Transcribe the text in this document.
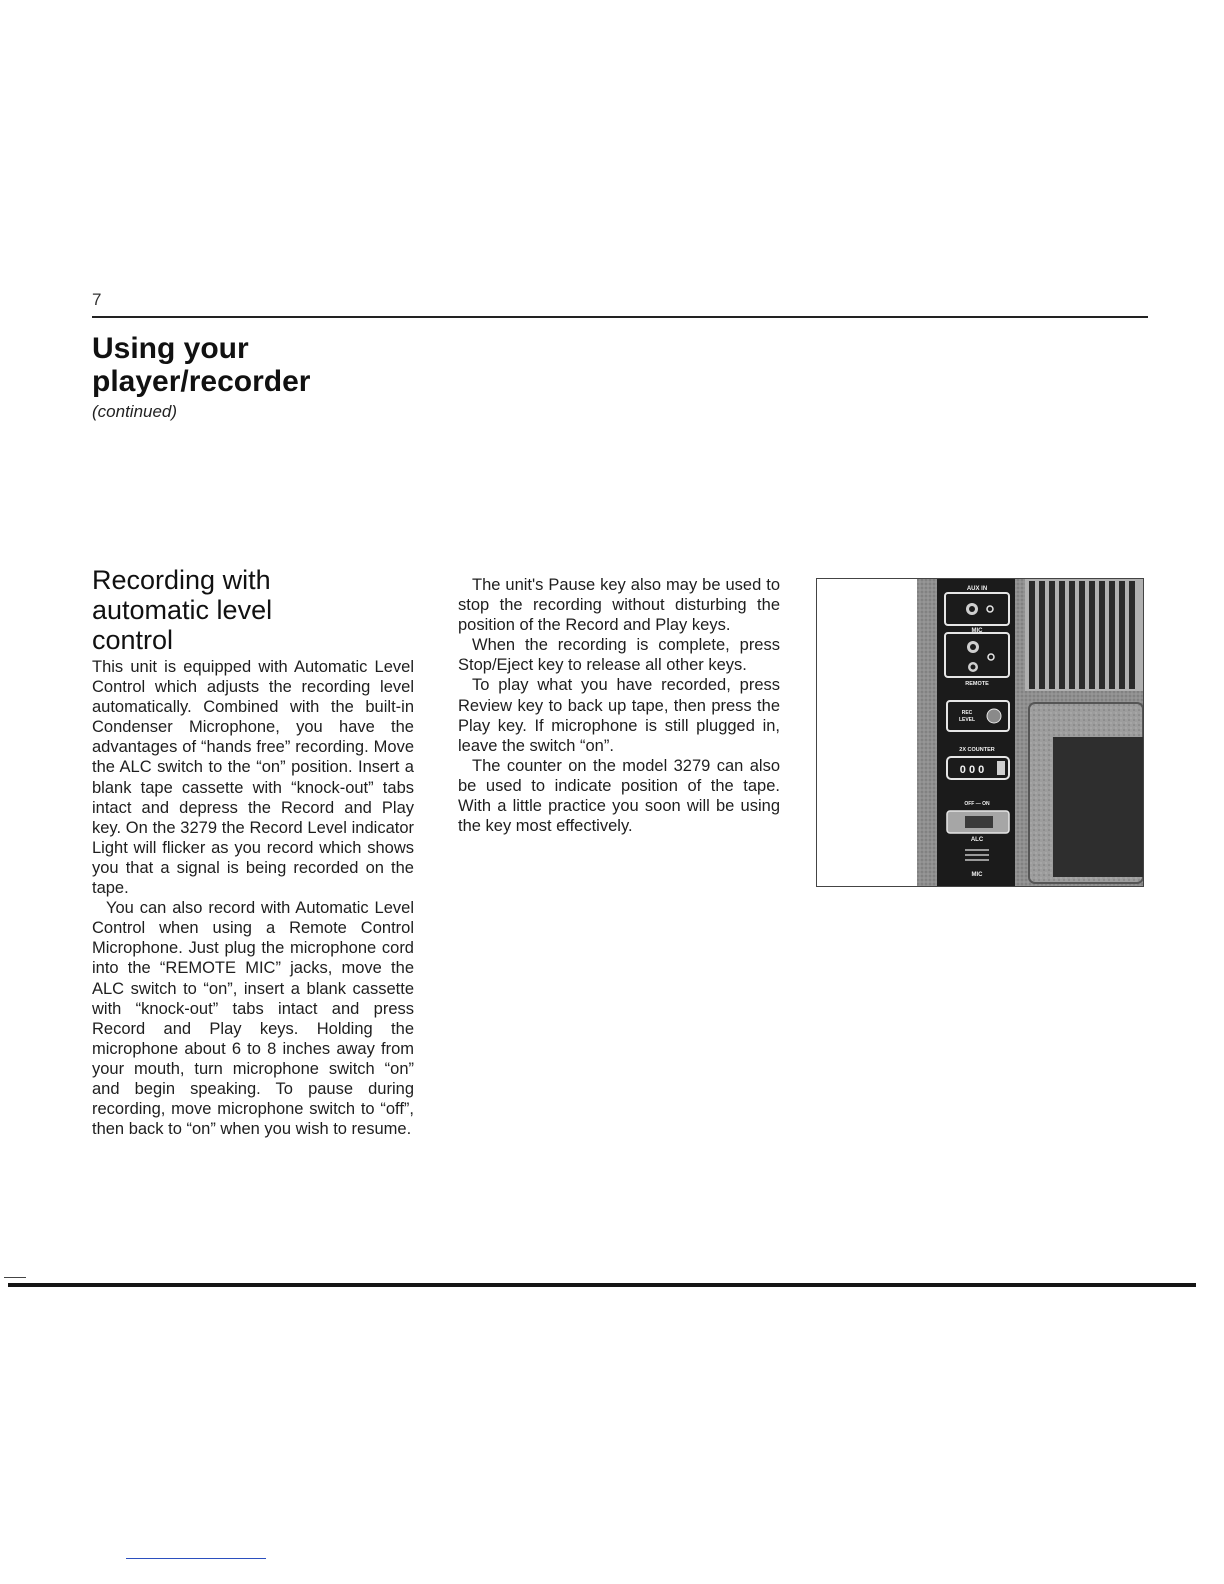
7
Using your
player/recorder
(continued)
Recording with
automatic level
control

This unit is equipped with Automatic Level Control which adjusts the recording level automatically. Combined with the built-in Condenser Microphone, you have the advantages of “hands free” recording. Move the ALC switch to the “on” position. Insert a blank tape cassette with “knock-out” tabs intact and depress the Record and Play key. On the 3279 the Record Level indicator Light will flicker as you record which shows you that a signal is being recorded on the tape.

You can also record with Automatic Level Control when using a Remote Control Microphone. Just plug the microphone cord into the “REMOTE MIC” jacks, move the ALC switch to “on”, insert a blank cassette with “knock-out” tabs intact and press Record and Play keys. Holding the microphone about 6 to 8 inches away from your mouth, turn microphone switch “on” and begin speaking. To pause during recording, move microphone switch to “off”, then back to “on” when you wish to resume.

The unit's Pause key also may be used to stop the recording without disturbing the position of the Record and Play keys.

When the recording is complete, press Stop/Eject key to release all other keys.

To play what you have recorded, press Review key to back up tape, then press the Play key. If microphone is still plugged in, leave the switch “on”.

The counter on the model 3279 can also be used to indicate position of the tape. With a little practice you soon will be using the key most effectively.

AUX IN
MIC
REMOTE
REC
LEVEL
2X COUNTER
0 0 0
OFF — ON
ALC
MIC
